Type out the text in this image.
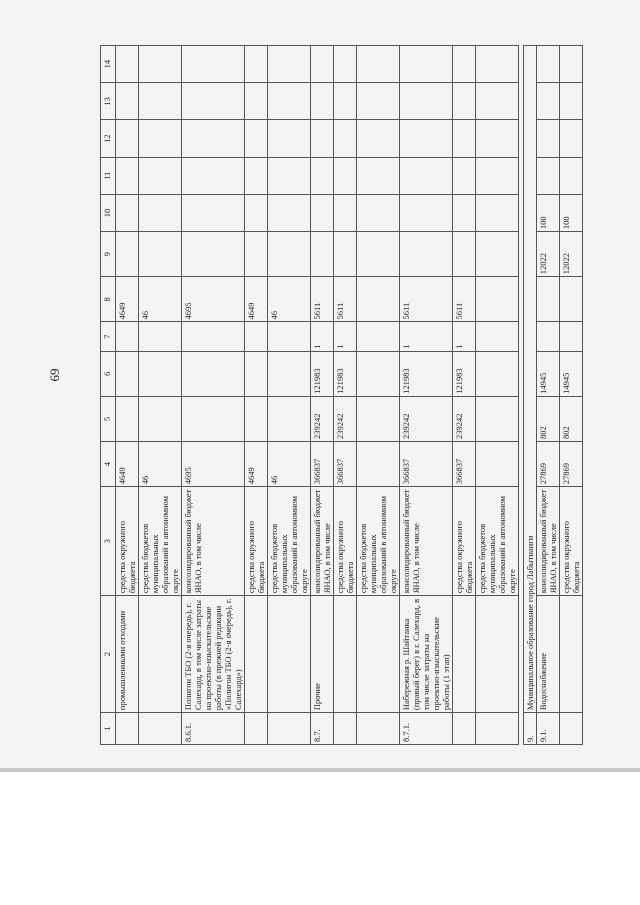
69
1	2	3	4	5	6	7	8	9	10	11	12	13	14
	промышленными отходами	средства окружного бюджета	4649				4649						
		средства бюджетов муниципальных образований в автономном округе	46				46						
8.6.1.	Полигон ТБО (2-я очередь), г. Салехард, в том числе затраты на проектно-изыскательские работы (в прежней редакции «Полигон ТБО (2-я очередь), г. Салехард»)	консолидированный бюджет ЯНАО, в том числе	4695				4695						
		средства окружного бюджета	4649				4649						
		средства бюджетов муниципальных образований в автономном округе	46				46						
8.7.	Прочие	консолидированный бюджет ЯНАО, в том числе	366837	239242	121983	1	5611						
		средства окружного бюджета	366837	239242	121983	1	5611						
		средства бюджетов муниципальных образований в автономном округе											
8.7.1.	Набережная р. Шайтанка (правый берег) в г. Салехард, в том числе затраты на проектно-изыскательские работы (1 этап)	консолидированный бюджет ЯНАО, в том числе	366837	239242	121983	1	5611						
		средства окружного бюджета	366837	239242	121983	1	5611						
		средства бюджетов муниципальных образований в автономном округе											
9.	Муниципальное образование город Лабытнанги												
9.1.	Водоснабжение	консолидированный бюджет ЯНАО, в том числе	27869	802	14945			12022	100				
		средства окружного бюджета	27869	802	14945			12022	100				
